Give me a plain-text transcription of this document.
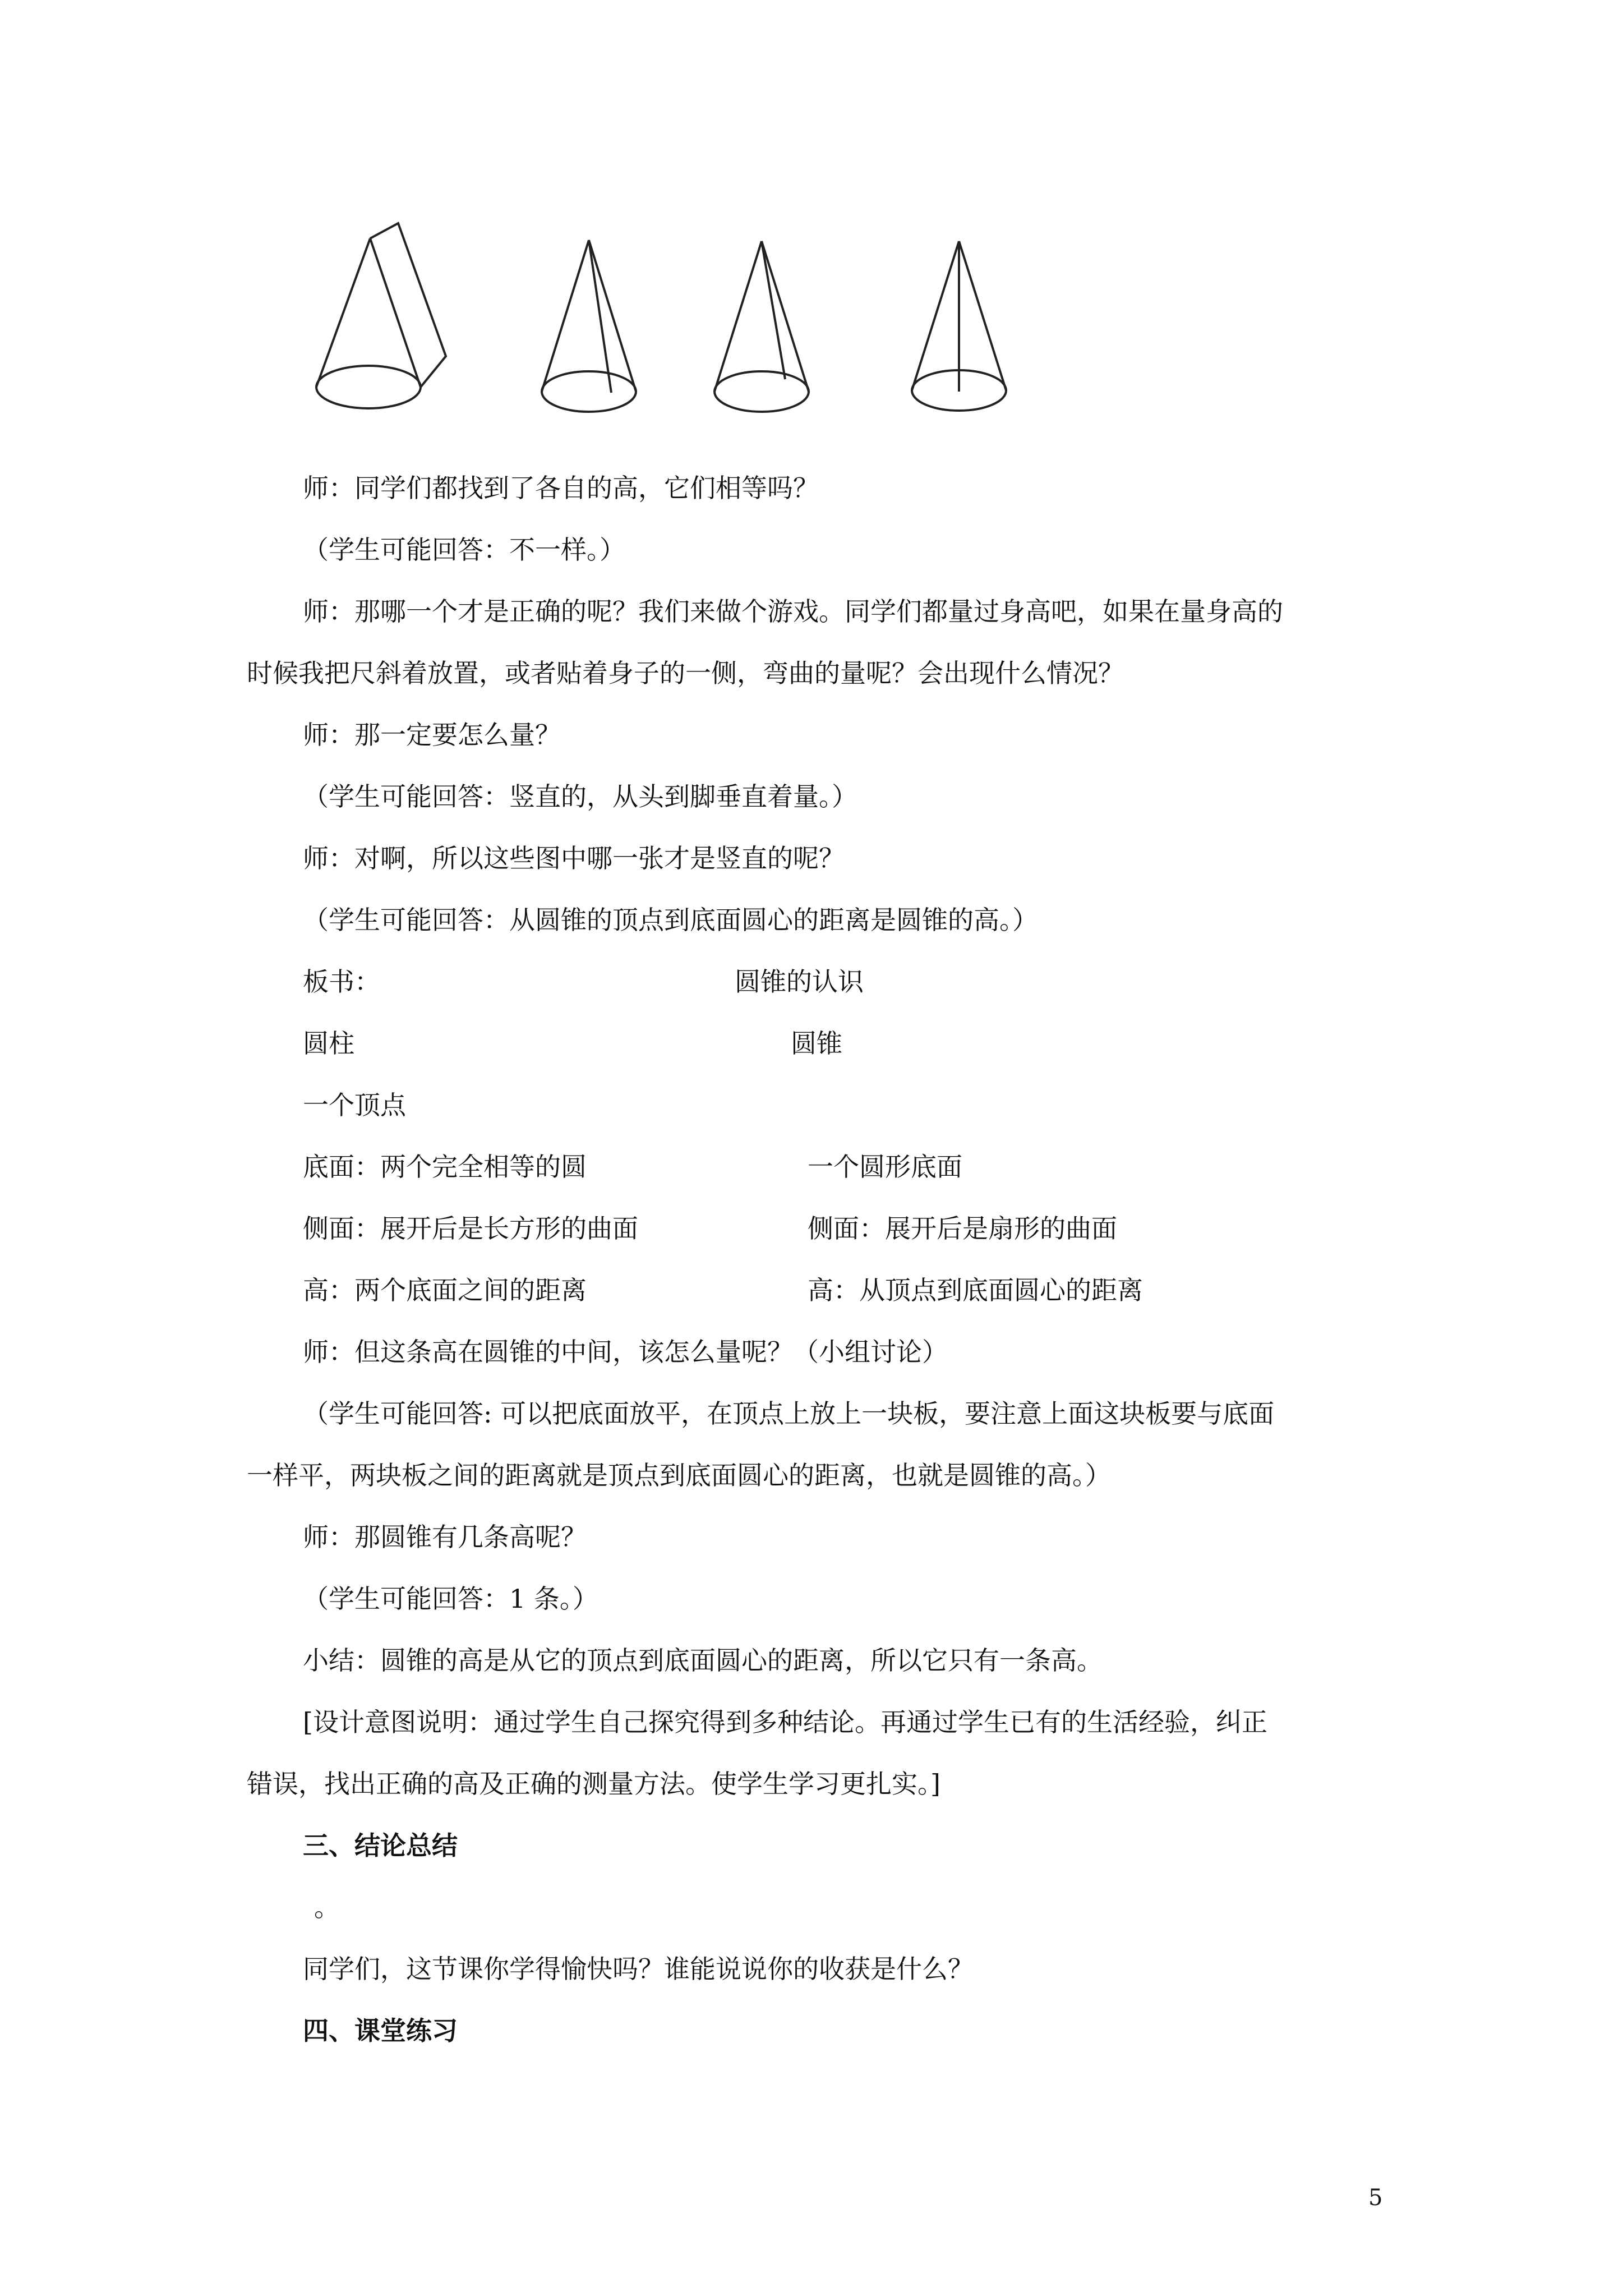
师：同学们都找到了各自的高，它们相等吗？
（学生可能回答：不一样。）
师：那哪一个才是正确的呢？我们来做个游戏。同学们都量过身高吧，如果在量身高的
时候我把尺斜着放置，或者贴着身子的一侧，弯曲的量呢？会出现什么情况？
师：那一定要怎么量？
（学生可能回答：竖直的，从头到脚垂直着量。）
师：对啊，所以这些图中哪一张才是竖直的呢？
（学生可能回答：从圆锥的顶点到底面圆心的距离是圆锥的高。）
板书：	圆锥的认识
圆柱	圆锥
一个顶点
底面：两个完全相等的圆	一个圆形底面
侧面：展开后是长方形的曲面	侧面：展开后是扇形的曲面
高：两个底面之间的距离	高：从顶点到底面圆心的距离
师：但这条高在圆锥的中间，该怎么量呢？（小组讨论）
（学生可能回答: 可以把底面放平，在顶点上放上一块板，要注意上面这块板要与底面
一样平，两块板之间的距离就是顶点到底面圆心的距离，也就是圆锥的高。）
师：那圆锥有几条高呢？
（学生可能回答：1 条。）
小结：圆锥的高是从它的顶点到底面圆心的距离，所以它只有一条高。
[设计意图说明：通过学生自己探究得到多种结论。再通过学生已有的生活经验，纠正
错误，找出正确的高及正确的测量方法。使学生学习更扎实。]
三、结论总结
。
同学们，这节课你学得愉快吗？谁能说说你的收获是什么？
四、课堂练习
5
